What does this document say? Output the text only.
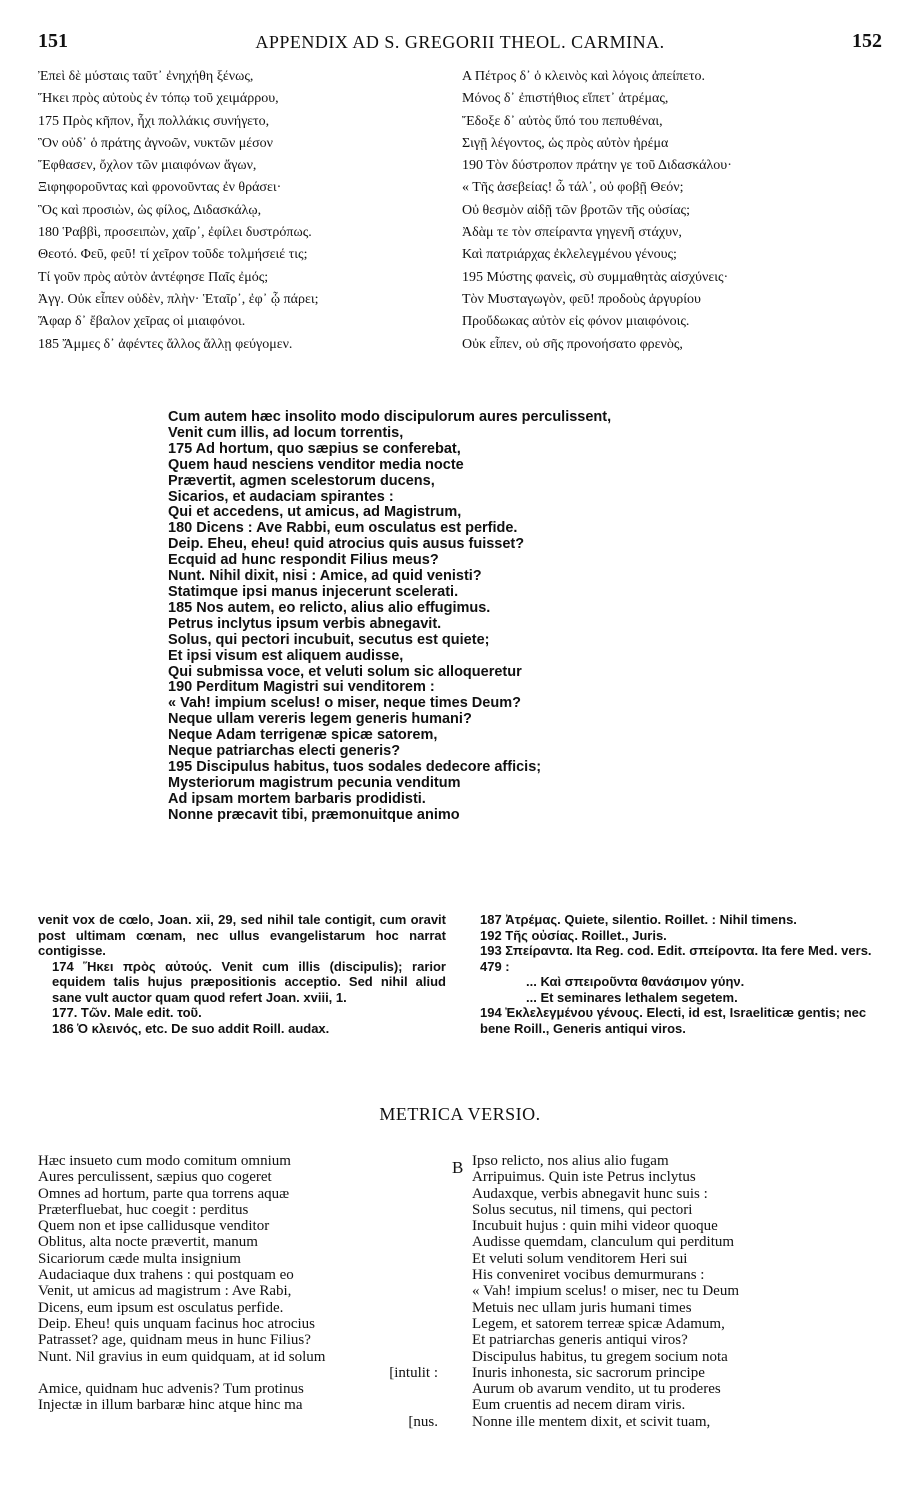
151	APPENDIX AD S. GREGORII THEOL. CARMINA.	152
Ἐπεὶ δὲ μύσταις ταῦτ᾽ ἐνηχήθη ξένως,
Ἥκει πρὸς αὐτοὺς ἐν τόπῳ τοῦ χειμάρρου,
175 Πρὸς κῆπον, ἧχι πολλάκις συνήγετο,
Ὃν οὐδ᾽ ὁ πράτης ἀγνοῶν, νυκτῶν μέσον
Ἔφθασεν, ὄχλον τῶν μιαιφόνων ἄγων,
Ξιφηφοροῦντας καὶ φρονοῦντας ἐν θράσει·
Ὃς καὶ προσιὼν, ὡς φίλος, Διδασκάλῳ,
180 Ῥαββὶ, προσειπὼν, χαῖρ᾽, ἐφίλει δυστρόπως.
Θεοτό. Φεῦ, φεῦ! τί χεῖρον τοῦδε τολμήσειέ τις;
Τί γοῦν πρὸς αὐτὸν ἀντέφησε Παῖς ἐμός;
Ἀγγ. Οὐκ εἶπεν οὐδὲν, πλὴν· Ἑταῖρ᾽, ἐφ᾽ ᾧ πάρει;
Ἄφαρ δ᾽ ἔβαλον χεῖρας οἱ μιαιφόνοι.
185 Ἄμμες δ᾽ ἀφέντες ἄλλος ἄλλῃ φεύγομεν.
A Πέτρος δ᾽ ὁ κλεινὸς καὶ λόγοις ἀπείπετο.
Μόνος δ᾽ ἐπιστήθιος εἵπετ᾽ ἀτρέμας,
Ἔδοξε δ᾽ αὐτὸς ὕπό του πεπυθέναι,
Σιγῇ λέγοντος, ὡς πρὸς αὐτὸν ἠρέμα
190 Τὸν δύστροπον πράτην γε τοῦ Διδασκάλου·
« Τῆς ἀσεβείας! ὦ τάλ᾽, οὐ φοβῇ Θεόν;
Οὐ θεσμὸν αἰδῇ τῶν βροτῶν τῆς οὐσίας;
Ἀδὰμ τε τὸν σπείραντα γηγενῆ στάχυν,
Καὶ πατριάρχας ἐκλελεγμένου γένους;
195 Μύστης φανεὶς, σὺ συμμαθητὰς αἰσχύνεις·
Τὸν Μυσταγωγὸν, φεῦ! προδοὺς ἀργυρίου
Προὔδωκας αὐτὸν εἰς φόνον μιαιφόνοις.
Οὐκ εἶπεν, οὐ σῆς προνοήσατο φρενὸς,
Cum autem hæc insolito modo discipulorum aures perculissent,
Venit cum illis, ad locum torrentis,
175 Ad hortum, quo sæpius se conferebat,
Quem haud nesciens venditor media nocte
Prævertit, agmen scelestorum ducens,
Sicarios, et audaciam spirantes :
Qui et accedens, ut amicus, ad Magistrum,
180 Dicens : Ave Rabbi, eum osculatus est perfide.
Deip. Eheu, eheu! quid atrocius quis ausus fuisset?
Ecquid ad hunc respondit Filius meus?
Nunt. Nihil dixit, nisi : Amice, ad quid venisti?
Statimque ipsi manus injecerunt scelerati.
185 Nos autem, eo relicto, alius alio effugimus.
Petrus inclytus ipsum verbis abnegavit.
Solus, qui pectori incubuit, secutus est quiete;
Et ipsi visum est aliquem audisse,
Qui submissa voce, et veluti solum sic alloqueretur
190 Perditum Magistri sui venditorem :
« Vah! impium scelus! o miser, neque times Deum?
Neque ullam vereris legem generis humani?
Neque Adam terrigenæ spicæ satorem,
Neque patriarchas electi generis?
195 Discipulus habitus, tuos sodales dedecore afficis;
Mysteriorum magistrum pecunia venditum
Ad ipsam mortem barbaris prodidisti.
Nonne præcavit tibi, præmonuitque animo

venit vox de cœlo, Joan. xii, 29, sed nihil tale contigit, cum oravit post ultimam cœnam, nec ullus evangelistarum hoc narrat contigisse.

174 Ἥκει πρὸς αὐτούς. Venit cum illis (discipulis); rarior equidem talis hujus præpositionis acceptio. Sed nihil aliud sane vult auctor quam quod refert Joan. xviii, 1.

177. Τῶν. Male edit. τοῦ.

186 Ὁ κλεινός, etc. De suo addit Roill. audax.

187 Ἀτρέμας. Quiete, silentio. Roillet. : Nihil timens.

192 Τῆς οὐσίας. Roillet., Juris.

193 Σπείραντα. Ita Reg. cod. Edit. σπείροντα. Ita fere Med. vers. 479 :

... Καὶ σπειροῦντα θανάσιμον γύην.

... Et seminares lethalem segetem.

194 Ἐκλελεγμένου γένους. Electi, id est, Israeliticæ gentis; nec bene Roill., Generis antiqui viros.

METRICA VERSIO.
B
Hæc insueto cum modo comitum omnium
Aures perculissent, sæpius quo cogeret
Omnes ad hortum, parte qua torrens aquæ
Præterfluebat, huc coegit : perditus
Quem non et ipse callidusque venditor
Oblitus, alta nocte prævertit, manum
Sicariorum cæde multa insignium
Audaciaque dux trahens : qui postquam eo
Venit, ut amicus ad magistrum : Ave Rabi,
Dicens, eum ipsum est osculatus perfide.
Deip. Eheu! quis unquam facinus hoc atrocius
Patrasset? age, quidnam meus in hunc Filius?
Nunt. Nil gravius in eum quidquam, at id solum
[intulit :
Amice, quidnam huc advenis? Tum protinus
Injectæ in illum barbaræ hinc atque hinc ma
[nus.
Ipso relicto, nos alius alio fugam
Arripuimus. Quin iste Petrus inclytus
Audaxque, verbis abnegavit hunc suis :
Solus secutus, nil timens, qui pectori
Incubuit hujus : quin mihi videor quoque
Audisse quemdam, clanculum qui perditum
Et veluti solum venditorem Heri sui
His conveniret vocibus demurmurans :
« Vah! impium scelus! o miser, nec tu Deum
Metuis nec ullam juris humani times
Legem, et satorem terreæ spicæ Adamum,
Et patriarchas generis antiqui viros?
Discipulus habitus, tu gregem socium nota
Inuris inhonesta, sic sacrorum principe
Aurum ob avarum vendito, ut tu proderes
Eum cruentis ad necem diram viris.
Nonne ille mentem dixit, et scivit tuam,
